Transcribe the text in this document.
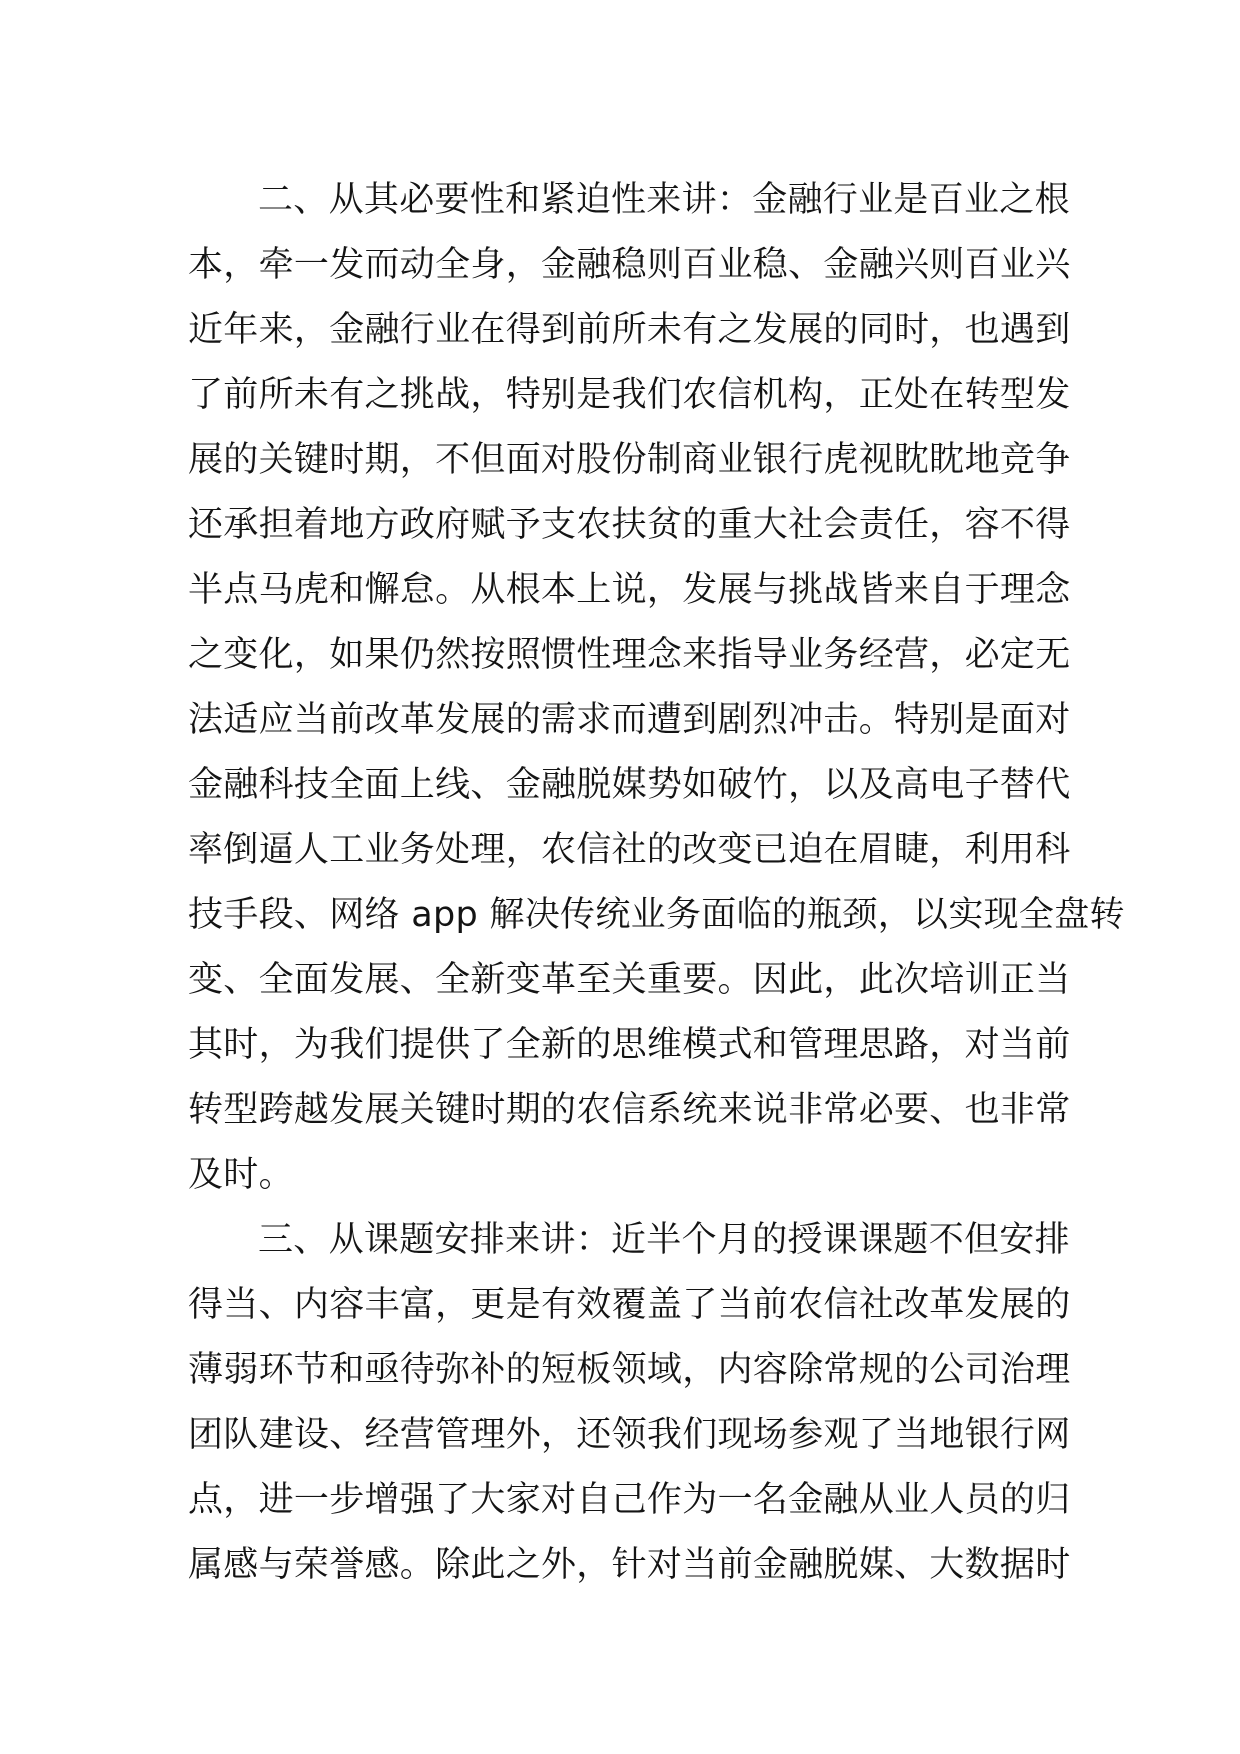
二、从其必要性和紧迫性来讲：金融行业是百业之根
本，牵一发而动全身，金融稳则百业稳、金融兴则百业兴
近年来，金融行业在得到前所未有之发展的同时，也遇到
了前所未有之挑战，特别是我们农信机构，正处在转型发
展的关键时期，不但面对股份制商业银行虎视眈眈地竞争
还承担着地方政府赋予支农扶贫的重大社会责任，容不得
半点马虎和懈怠。从根本上说，发展与挑战皆来自于理念
之变化，如果仍然按照惯性理念来指导业务经营，必定无
法适应当前改革发展的需求而遭到剧烈冲击。特别是面对
金融科技全面上线、金融脱媒势如破竹，以及高电子替代
率倒逼人工业务处理，农信社的改变已迫在眉睫，利用科
技手段、网络 app 解决传统业务面临的瓶颈，以实现全盘转
变、全面发展、全新变革至关重要。因此，此次培训正当
其时，为我们提供了全新的思维模式和管理思路，对当前
转型跨越发展关键时期的农信系统来说非常必要、也非常
及时。
三、从课题安排来讲：近半个月的授课课题不但安排
得当、内容丰富，更是有效覆盖了当前农信社改革发展的
薄弱环节和亟待弥补的短板领域，内容除常规的公司治理
团队建设、经营管理外，还领我们现场参观了当地银行网
点，进一步增强了大家对自己作为一名金融从业人员的归
属感与荣誉感。除此之外，针对当前金融脱媒、大数据时
